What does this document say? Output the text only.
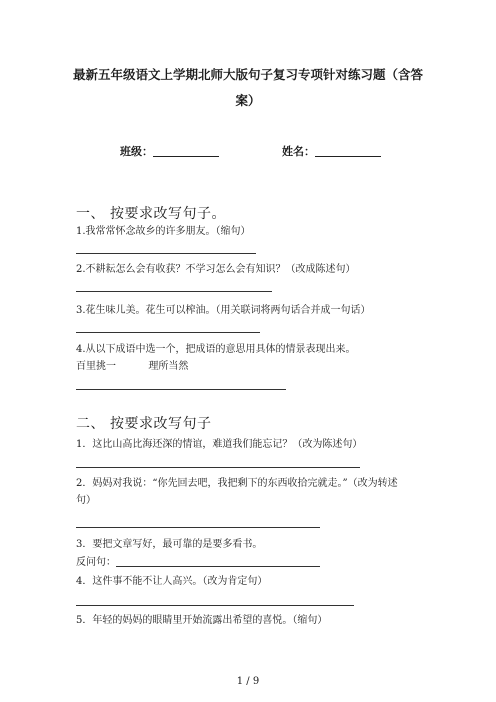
最新五年级语文上学期北师大版句子复习专项针对练习题（含答
案）
班级：	姓名：
一、 按要求改写句子。
1.我常常怀念故乡的许多朋友。（缩句）
2.不耕耘怎么会有收获？不学习怎么会有知识？（改成陈述句）
3.花生味儿美。花生可以榨油。（用关联词将两句话合并成一句话）
4.从以下成语中选一个，把成语的意思用具体的情景表现出来。
百里挑一	理所当然
二、 按要求改写句子
1．这比山高比海还深的情谊，难道我们能忘记？（改为陈述句）
2．妈妈对我说：“你先回去吧，我把剩下的东西收拾完就走。”（改为转述
句）
3．要把文章写好，最可靠的是要多看书。
反问句：
4．这件事不能不让人高兴。（改为肯定句）
5．年轻的妈妈的眼睛里开始流露出希望的喜悦。（缩句）
1 / 9
